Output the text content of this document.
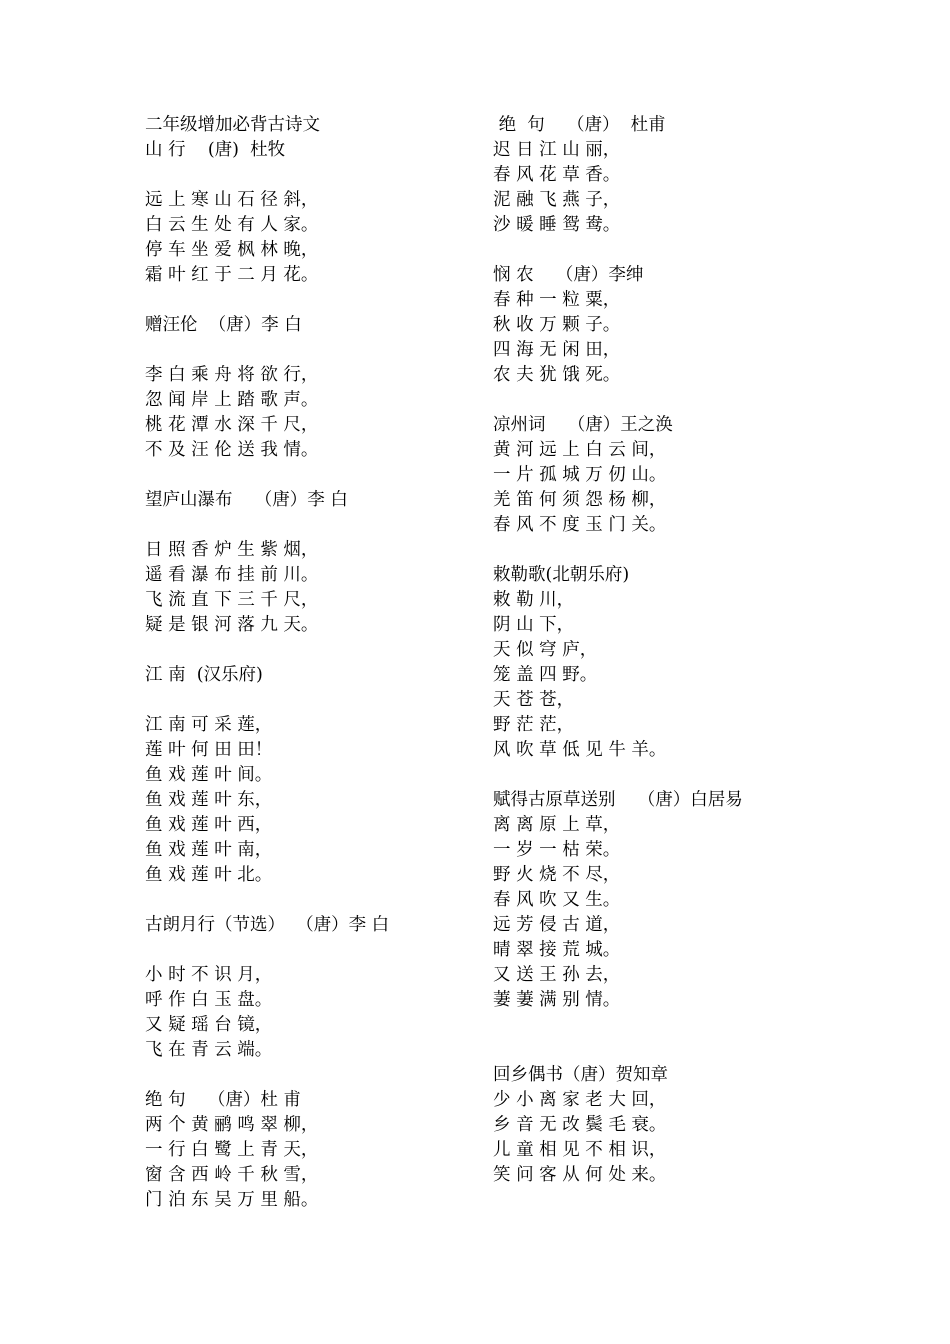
二年级增加必背古诗文
山 行    (唐)  杜牧
远 上 寒 山 石 径 斜，
白 云 生 处 有 人 家。
停 车 坐 爱 枫 林 晚，
霜 叶 红 于 二 月 花。
赠汪伦  （唐）李 白
李 白 乘 舟 将 欲 行，
忽 闻 岸 上 踏 歌 声。
桃 花 潭 水 深 千 尺，
不 及 汪 伦 送 我 情。
望庐山瀑布    （唐）李 白
日 照 香 炉 生 紫 烟，
遥 看 瀑 布 挂 前 川。
飞 流 直 下 三 千 尺，
疑 是 银 河 落 九 天。
江 南  (汉乐府)
江 南 可 采 莲，
莲 叶 何 田 田！
鱼 戏 莲 叶 间。
鱼 戏 莲 叶 东，
鱼 戏 莲 叶 西，
鱼 戏 莲 叶 南，
鱼 戏 莲 叶 北。
古朗月行（节选）  （唐）李 白
小 时 不 识 月，
呼 作 白 玉 盘。
又 疑 瑶 台 镜，
飞 在 青 云 端。
绝 句    （唐）杜 甫
两 个 黄 鹂 鸣 翠 柳，
一 行 白 鹭 上 青 天，
窗 含 西 岭 千 秋 雪，
门 泊 东 吴 万 里 船。
绝  句    （唐）  杜甫
迟 日 江 山 丽，
春 风 花 草 香。
泥 融 飞 燕 子，
沙 暖 睡 鸳 鸯。
悯 农    （唐）李绅
春 种 一 粒 粟，
秋 收 万 颗 子。
四 海 无 闲 田，
农 夫 犹 饿 死。
凉州词    （唐）王之涣
黄 河 远 上 白 云 间，
一 片 孤 城 万 仞 山。
羌 笛 何 须 怨 杨 柳，
春 风 不 度 玉 门 关。
敕勒歌(北朝乐府)
敕 勒 川，
阴 山 下，
天 似 穹 庐，
笼 盖 四 野。
天 苍 苍，
野 茫 茫，
风 吹 草 低 见 牛 羊。
赋得古原草送别    （唐）白居易
离 离 原 上 草，
一 岁 一 枯 荣。
野 火 烧 不 尽，
春 风 吹 又 生。
远 芳 侵 古 道，
晴 翠 接 荒 城。
又 送 王 孙 去，
萋 萋 满 别 情。
回乡偶书（唐）贺知章
少 小 离 家 老 大 回，
乡 音 无 改 鬓 毛 衰。
儿 童 相 见 不 相 识，
笑 问 客 从 何 处 来。
